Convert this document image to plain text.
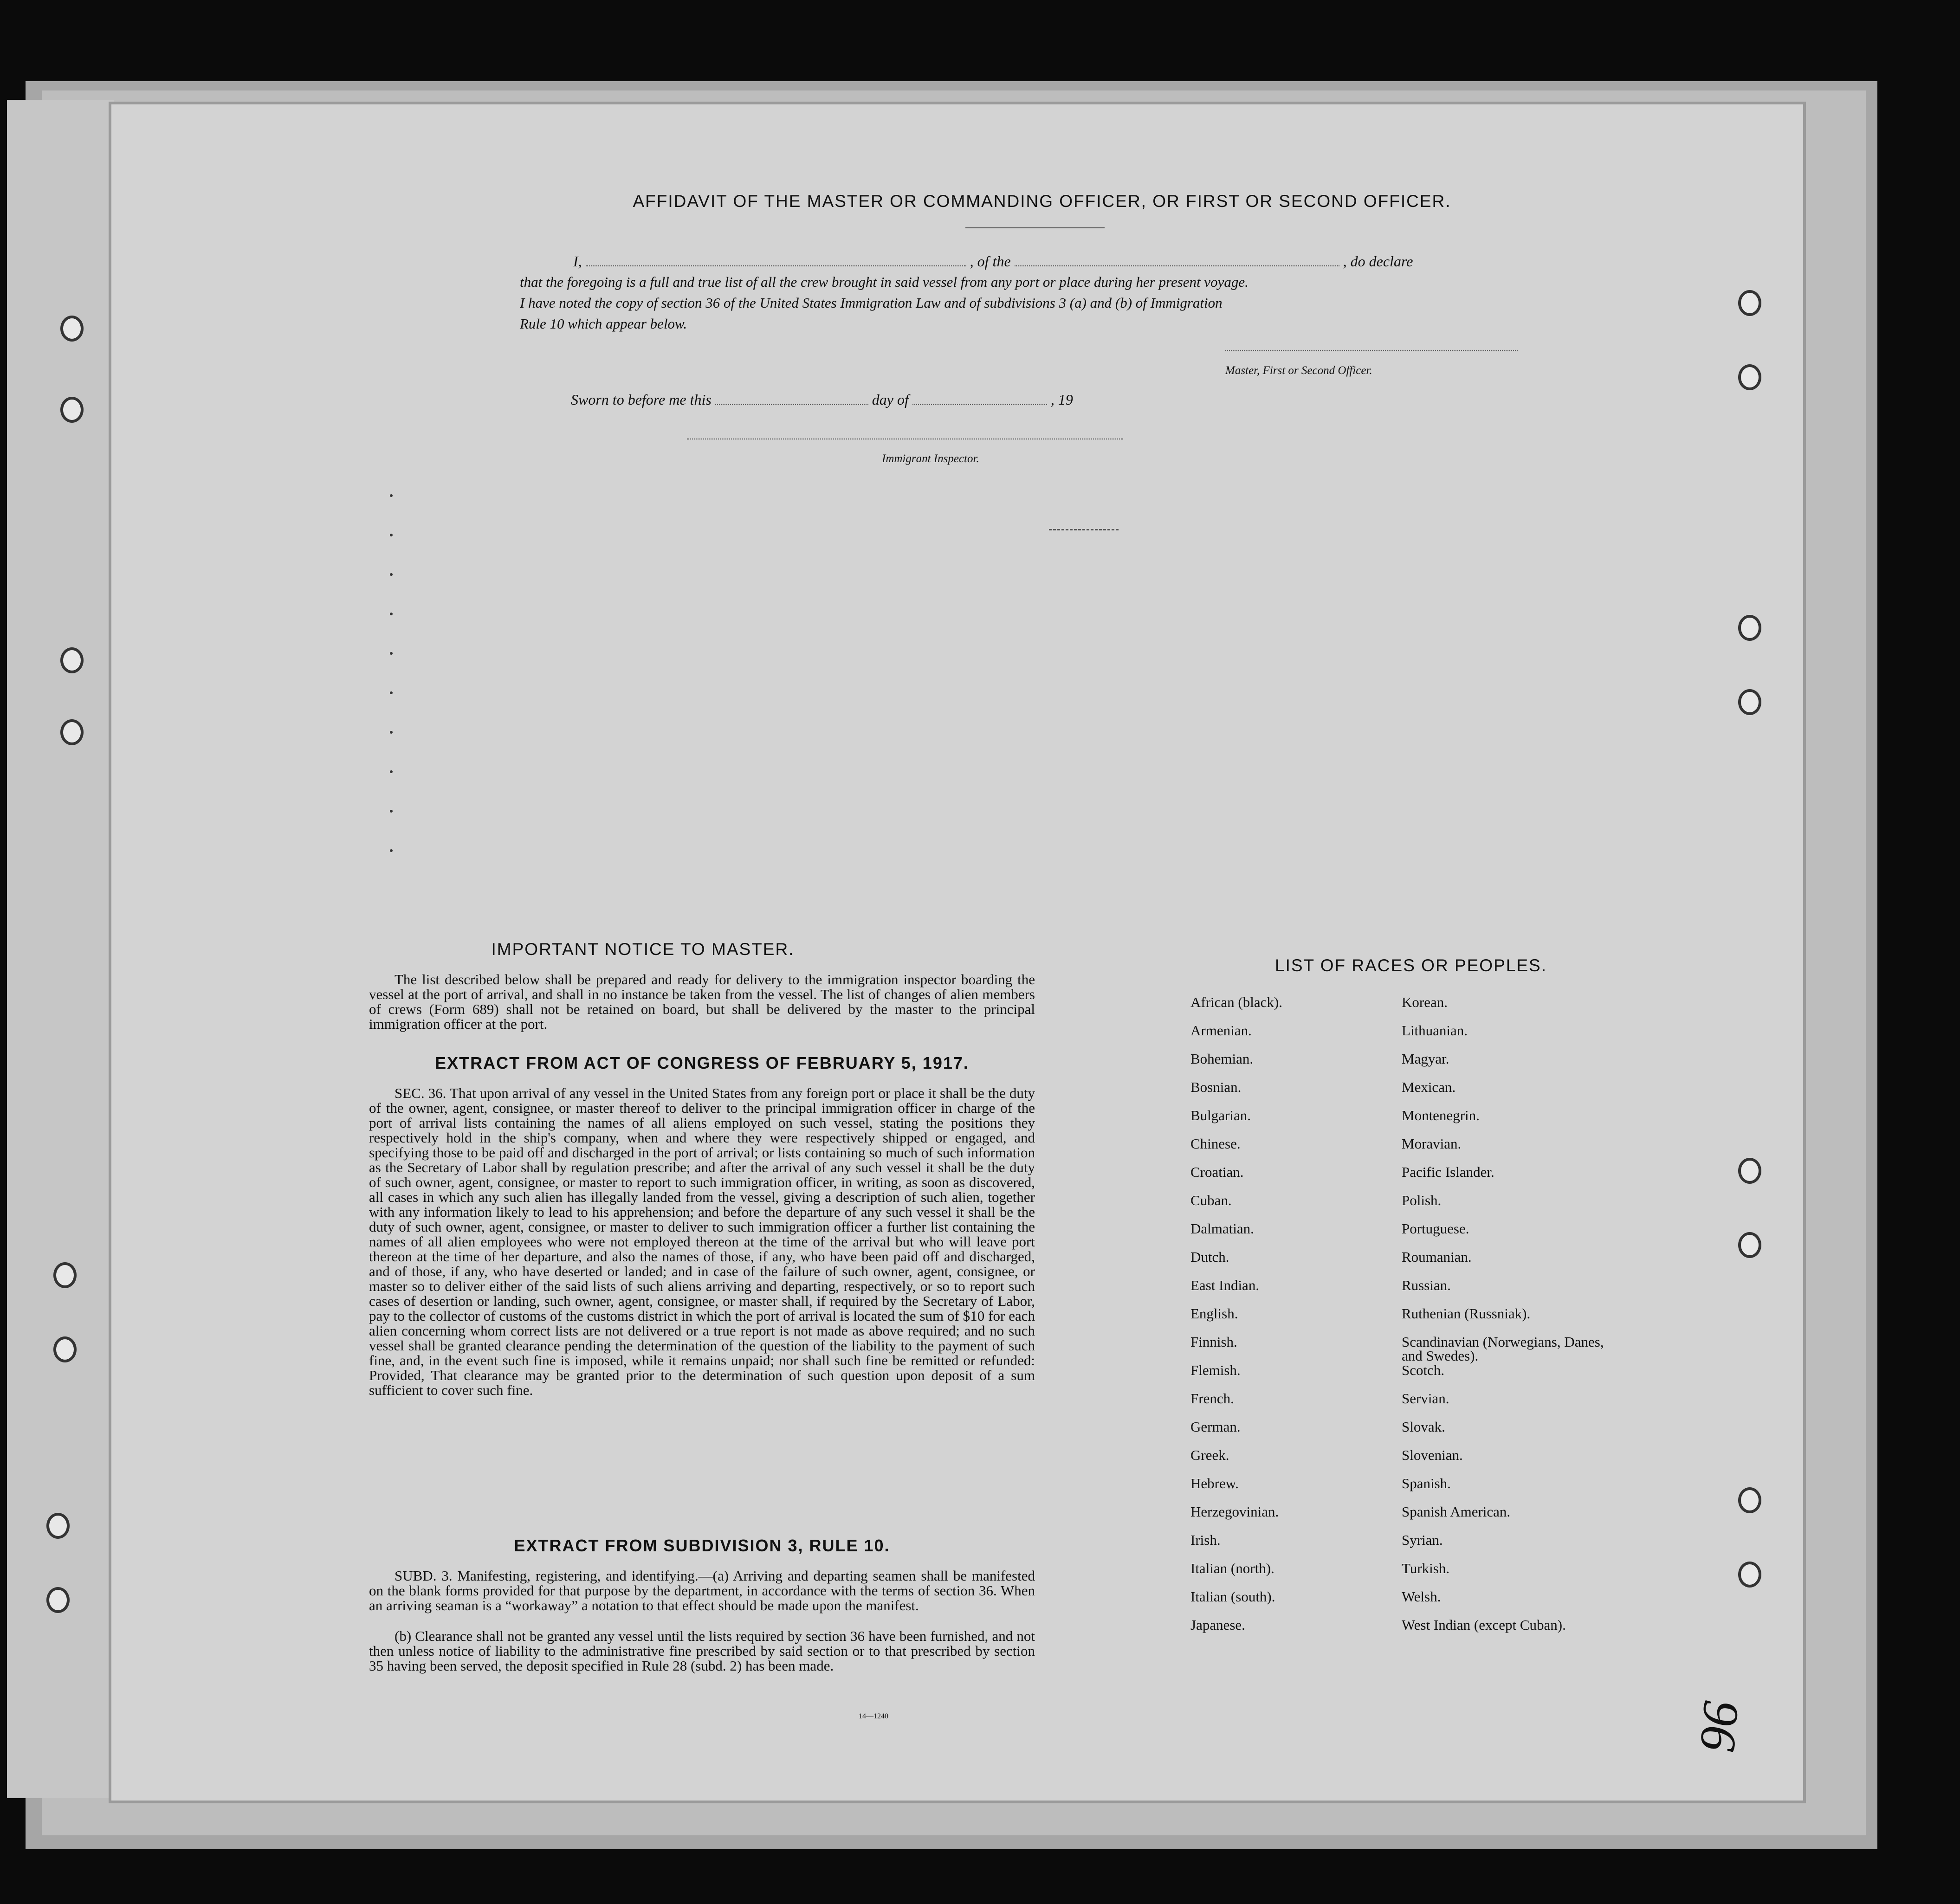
AFFIDAVIT OF THE MASTER OR COMMANDING OFFICER, OR FIRST OR SECOND OFFICER.
I,	, of the	, do declare
that the foregoing is a full and true list of all the crew brought in said vessel from any port or place during her present voyage.
I have noted the copy of section 36 of the United States Immigration Law and of subdivisions 3 (a) and (b) of Immigration
Rule 10 which appear below.
Master, First or Second Officer.
Sworn to before me this	day of	, 19
Immigrant Inspector.
IMPORTANT NOTICE TO MASTER.
The list described below shall be prepared and ready for delivery to the immigration inspector boarding the vessel at the port of arrival, and shall in no instance be taken from the vessel. The list of changes of alien members of crews (Form 689) shall not be retained on board, but shall be delivered by the master to the principal immigration officer at the port.
EXTRACT FROM ACT OF CONGRESS OF FEBRUARY 5, 1917.
SEC. 36. That upon arrival of any vessel in the United States from any foreign port or place it shall be the duty of the owner, agent, consignee, or master thereof to deliver to the principal immigration officer in charge of the port of arrival lists containing the names of all aliens employed on such vessel, stating the positions they respectively hold in the ship's company, when and where they were respectively shipped or engaged, and specifying those to be paid off and discharged in the port of arrival; or lists containing so much of such information as the Secretary of Labor shall by regulation prescribe; and after the arrival of any such vessel it shall be the duty of such owner, agent, consignee, or master to report to such immigration officer, in writing, as soon as discovered, all cases in which any such alien has illegally landed from the vessel, giving a description of such alien, together with any information likely to lead to his apprehension; and before the departure of any such vessel it shall be the duty of such owner, agent, consignee, or master to deliver to such immigration officer a further list containing the names of all alien employees who were not employed thereon at the time of the arrival but who will leave port thereon at the time of her departure, and also the names of those, if any, who have been paid off and discharged, and of those, if any, who have deserted or landed; and in case of the failure of such owner, agent, consignee, or master so to deliver either of the said lists of such aliens arriving and departing, respectively, or so to report such cases of desertion or landing, such owner, agent, consignee, or master shall, if required by the Secretary of Labor, pay to the collector of customs of the customs district in which the port of arrival is located the sum of $10 for each alien concerning whom correct lists are not delivered or a true report is not made as above required; and no such vessel shall be granted clearance pending the determination of the question of the liability to the payment of such fine, and, in the event such fine is imposed, while it remains unpaid; nor shall such fine be remitted or refunded: Provided, That clearance may be granted prior to the determination of such question upon deposit of a sum sufficient to cover such fine.
EXTRACT FROM SUBDIVISION 3, RULE 10.
SUBD. 3. Manifesting, registering, and identifying.—(a) Arriving and departing seamen shall be manifested on the blank forms provided for that purpose by the department, in accordance with the terms of section 36. When an arriving seaman is a “workaway” a notation to that effect should be made upon the manifest.
(b) Clearance shall not be granted any vessel until the lists required by section 36 have been furnished, and not then unless notice of liability to the administrative fine prescribed by said section or to that prescribed by section 35 having been served, the deposit specified in Rule 28 (subd. 2) has been made.
14—1240
LIST OF RACES OR PEOPLES.
African (black).
Armenian.
Bohemian.
Bosnian.
Bulgarian.
Chinese.
Croatian.
Cuban.
Dalmatian.
Dutch.
East Indian.
English.
Finnish.
Flemish.
French.
German.
Greek.
Hebrew.
Herzegovinian.
Irish.
Italian (north).
Italian (south).
Japanese.
Korean.
Lithuanian.
Magyar.
Mexican.
Montenegrin.
Moravian.
Pacific Islander.
Polish.
Portuguese.
Roumanian.
Russian.
Ruthenian (Russniak).
Scandinavian (Norwegians, Danes, and Swedes).
Scotch.
Servian.
Slovak.
Slovenian.
Spanish.
Spanish American.
Syrian.
Turkish.
Welsh.
West Indian (except Cuban).
96
